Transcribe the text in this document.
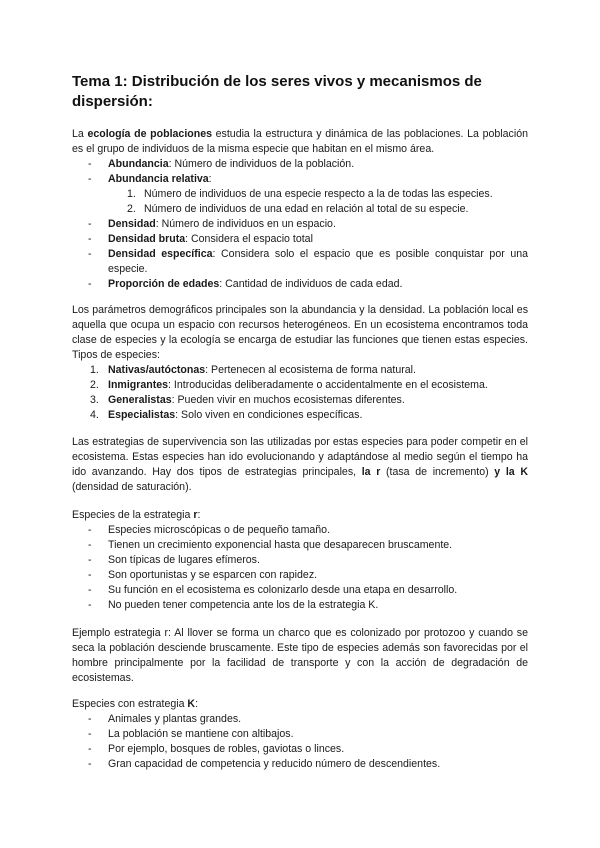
Tema 1: Distribución de los seres vivos y mecanismos de dispersión:

La ecología de poblaciones estudia la estructura y dinámica de las poblaciones. La población es el grupo de individuos de la misma especie que habitan en el mismo área.

- Abundancia: Número de individuos de la población.
- Abundancia relativa:
1. Número de individuos de una especie respecto a la de todas las especies.
2. Número de individuos de una edad en relación al total de su especie.
- Densidad: Número de individuos en un espacio.
- Densidad bruta: Considera el espacio total
- Densidad específica: Considera solo el espacio que es posible conquistar por una especie.
- Proporción de edades: Cantidad de individuos de cada edad.

Los parámetros demográficos principales son la abundancia y la densidad. La población local es aquella que ocupa un espacio con recursos heterogéneos. En un ecosistema encontramos toda clase de especies y la ecología se encarga de estudiar las funciones que tienen estas especies. Tipos de especies:

1. Nativas/autóctonas: Pertenecen al ecosistema de forma natural.
2. Inmigrantes: Introducidas deliberadamente o accidentalmente en el ecosistema.
3. Generalistas: Pueden vivir en muchos ecosistemas diferentes.
4. Especialistas: Solo viven en condiciones específicas.

Las estrategias de supervivencia son las utilizadas por estas especies para poder competir en el ecosistema. Estas especies han ido evolucionando y adaptándose al medio según el tiempo ha ido avanzando. Hay dos tipos de estrategias principales, la r (tasa de incremento) y la K (densidad de saturación).

Especies de la estrategia r:

- Especies microscópicas o de pequeño tamaño.
- Tienen un crecimiento exponencial hasta que desaparecen bruscamente.
- Son típicas de lugares efímeros.
- Son oportunistas y se esparcen con rapidez.
- Su función en el ecosistema es colonizarlo desde una etapa en desarrollo.
- No pueden tener competencia ante los de la estrategia K.

Ejemplo estrategia r: Al llover se forma un charco que es colonizado por protozoo y cuando se seca la población desciende bruscamente. Este tipo de especies además son favorecidas por el hombre principalmente por la facilidad de transporte y con la acción de degradación de ecosistemas.

Especies con estrategia K:

- Animales y plantas grandes.
- La población se mantiene con altibajos.
- Por ejemplo, bosques de robles, gaviotas o linces.
- Gran capacidad de competencia y reducido número de descendientes.
